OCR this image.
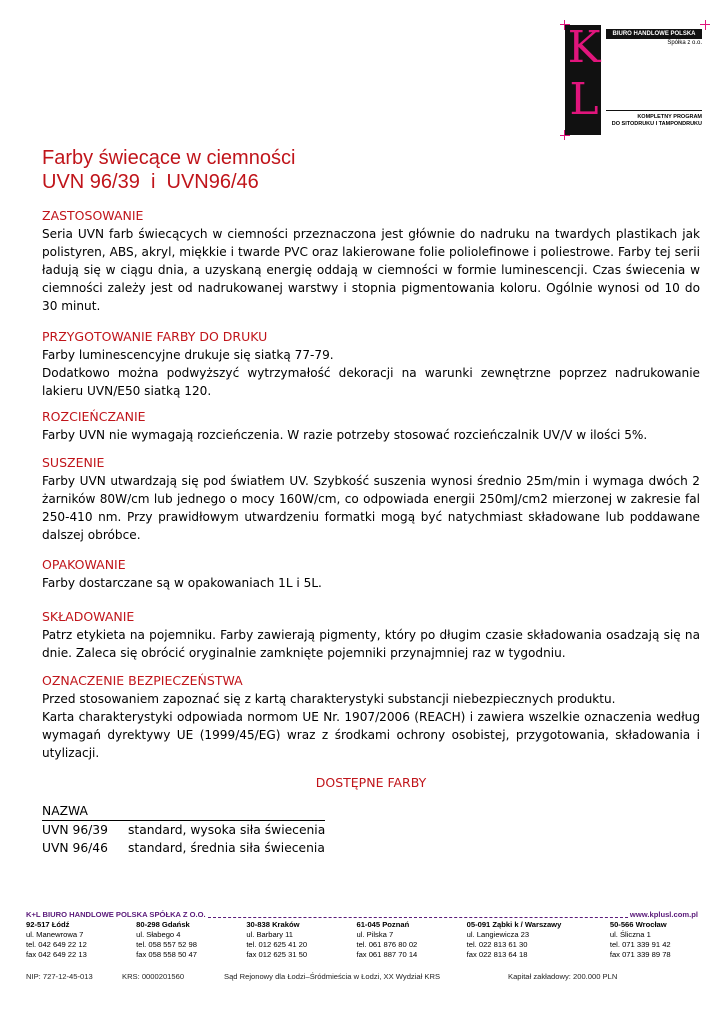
K
L
BIURO HANDLOWE POLSKA
Spółka z o.o.
KOMPLETNY PROGRAM
DO SITODRUKU I TAMPONDRUKU
Farby świecące w ciemności
UVN 96/39  i  UVN96/46
ZASTOSOWANIE

Seria UVN farb świecących w ciemności przeznaczona jest głównie do nadruku na twardych plastikach jak polistyren, ABS, akryl, miękkie i twarde PVC oraz lakierowane folie poliolefinowe i poliestrowe. Farby tej serii ładują się w ciągu dnia, a uzyskaną energię oddają w ciemności w formie luminescencji. Czas świecenia w ciemności zależy jest od nadrukowanej warstwy i stopnia pigmentowania koloru. Ogólnie wynosi od 10 do 30 minut.

PRZYGOTOWANIE FARBY DO DRUKU

Farby luminescencyjne drukuje się siatką 77-79.

Dodatkowo można podwyższyć wytrzymałość dekoracji na warunki zewnętrzne poprzez nadrukowanie lakieru UVN/E50 siatką 120.

ROZCIEŃCZANIE

Farby UVN nie wymagają rozcieńczenia. W razie potrzeby stosować rozcieńczalnik UV/V w ilości 5%.

SUSZENIE

Farby UVN utwardzają się pod światłem UV. Szybkość suszenia wynosi średnio 25m/min i wymaga dwóch 2 żarników 80W/cm lub jednego o mocy 160W/cm, co odpowiada energii 250mJ/cm2 mierzonej w zakresie fal 250-410 nm. Przy prawidłowym utwardzeniu formatki mogą być natychmiast składowane lub poddawane dalszej obróbce.

OPAKOWANIE

Farby dostarczane są w opakowaniach 1L i 5L.

SKŁADOWANIE

Patrz etykieta na pojemniku. Farby zawierają pigmenty, który po długim czasie składowania osadzają się na dnie. Zaleca się obrócić oryginalnie zamknięte pojemniki przynajmniej raz w tygodniu.

OZNACZENIE BEZPIECZEŃSTWA

Przed stosowaniem zapoznać się z kartą charakterystyki substancji niebezpiecznych produktu.

Karta charakterystyki odpowiada normom UE Nr. 1907/2006 (REACH) i zawiera wszelkie oznaczenia według wymagań dyrektywy UE (1999/45/EG) wraz z środkami ochrony osobistej, przygotowania, składowania i utylizacji.

DOSTĘPNE FARBY
NAZWA	
UVN 96/39	standard, wysoka siła świecenia
UVN 96/46	standard, średnia siła świecenia
K+L BIURO HANDLOWE POLSKA SPÓŁKA Z O.O.	www.kplusl.com.pl
92-517 Łódź
ul. Manewrowa 7
tel. 042 649 22 12
fax 042 649 22 13
80-298 Gdańsk
ul. Słabego 4
tel. 058 557 52 98
fax 058 558 50 47
30-838 Kraków
ul. Barbary 11
tel. 012 625 41 20
fax 012 625 31 50
61-045 Poznań
ul. Pilska 7
tel. 061 876 80 02
fax 061 887 70 14
05-091 Ząbki k / Warszawy
ul. Langiewicza 23
tel. 022 813 61 30
fax 022 813 64 18
50-566 Wrocław
ul. Śliczna 1
tel. 071 339 91 42
fax 071 339 89 78
NIP: 727-12-45-013	KRS: 0000201560	Sąd Rejonowy dla Łodzi–Śródmieścia w Łodzi, XX Wydział KRS	Kapitał zakładowy: 200.000 PLN
